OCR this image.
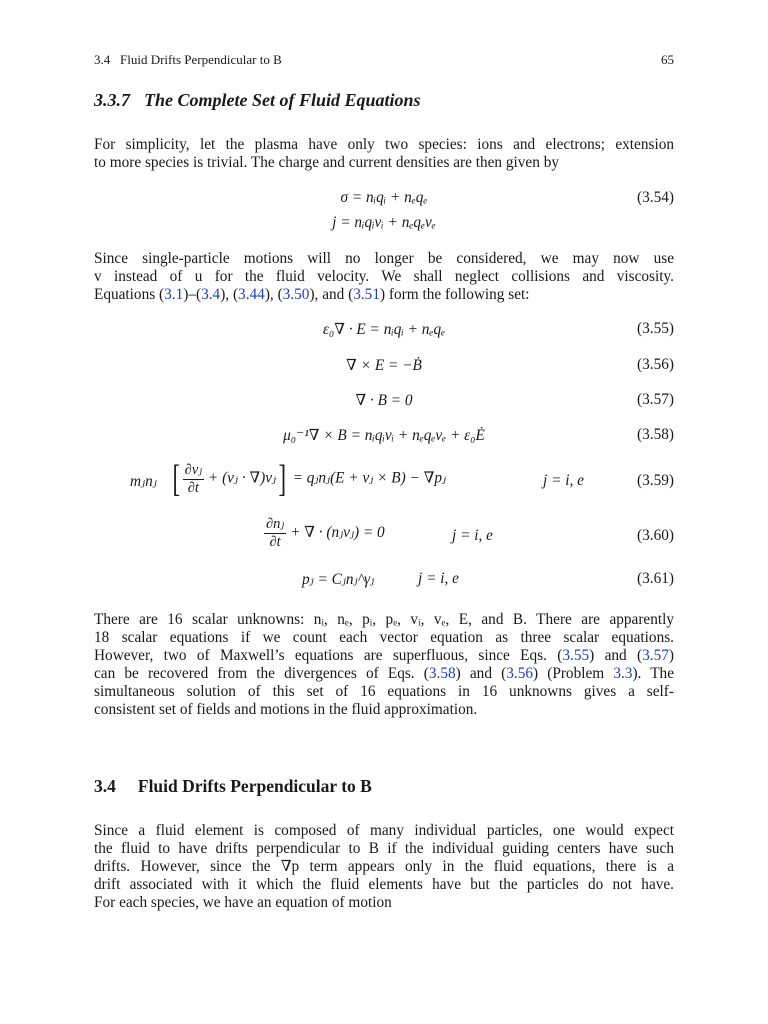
3.4   Fluid Drifts Perpendicular to B	65
3.3.7 The Complete Set of Fluid Equations
For simplicity, let the plasma have only two species: ions and electrons; extension
to more species is trivial. The charge and current densities are then given by
σ = nᵢqᵢ + nₑqₑ	(3.54)
j = nᵢqᵢvᵢ + nₑqₑvₑ
Since single-particle motions will no longer be considered, we may now use
v instead of u for the fluid velocity. We shall neglect collisions and viscosity.
Equations (3.1)–(3.4), (3.44), (3.50), and (3.51) form the following set:
ε₀∇ · E = nᵢqᵢ + nₑqₑ	(3.55)
∇ × E = −Ḃ	(3.56)
∇ · B = 0	(3.57)
μ₀⁻¹∇ × B = nᵢqᵢvᵢ + nₑqₑvₑ + ε₀Ė	(3.58)
mⱼnⱼ [ $\frac{\text{∂vⱼ}}{\partial t}$ + (vⱼ · ∇)vⱼ] = qⱼnⱼ(E + vⱼ × B) − ∇pⱼ	j = i, e	(3.59)
$\frac{\text{∂nⱼ}}{\partial t}$ + ∇ · (nⱼvⱼ) = 0	j = i, e	(3.60)
pⱼ = Cⱼnⱼ^γⱼ	j = i, e	(3.61)
There are 16 scalar unknowns: nᵢ, nₑ, pᵢ, pₑ, vᵢ, vₑ, E, and B. There are apparently
18 scalar equations if we count each vector equation as three scalar equations.
However, two of Maxwell’s equations are superfluous, since Eqs. (3.55) and (3.57)
can be recovered from the divergences of Eqs. (3.58) and (3.56) (Problem 3.3). The
simultaneous solution of this set of 16 equations in 16 unknowns gives a self-
consistent set of fields and motions in the fluid approximation.
3.4 Fluid Drifts Perpendicular to B
Since a fluid element is composed of many individual particles, one would expect
the fluid to have drifts perpendicular to B if the individual guiding centers have such
drifts. However, since the ∇p term appears only in the fluid equations, there is a
drift associated with it which the fluid elements have but the particles do not have.
For each species, we have an equation of motion
